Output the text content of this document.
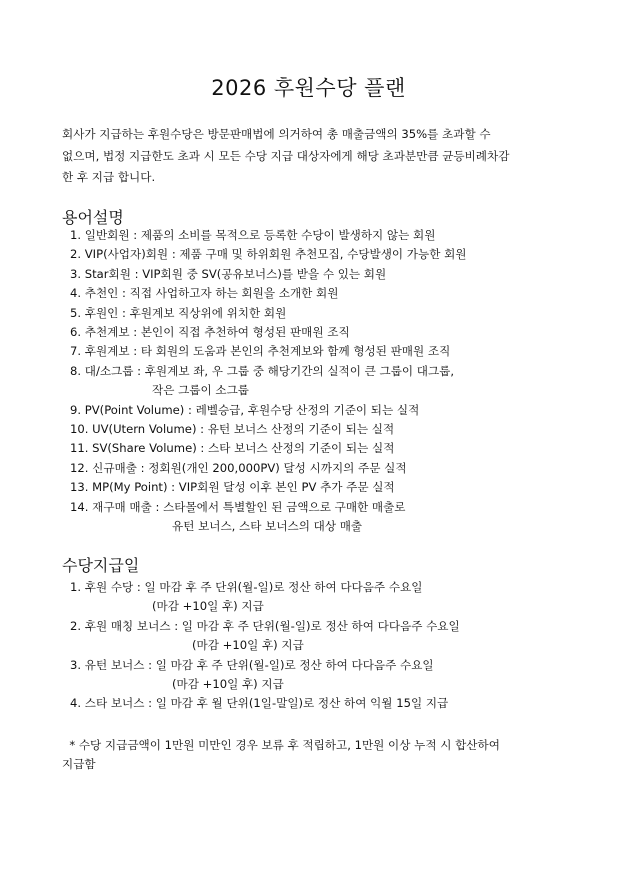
2026 후원수당 플랜
회사가 지급하는 후원수당은 방문판매법에 의거하여 총 매출금액의 35%를 초과할 수
없으며, 법정 지급한도 초과 시 모든 수당 지급 대상자에게 해당 초과분만큼 균등비례차감
한 후 지급 합니다.
용어설명
1. 일반회원 : 제품의 소비를 목적으로 등록한 수당이 발생하지 않는 회원
2. VIP(사업자)회원 : 제품 구매 및 하위회원 추천모집, 수당발생이 가능한 회원
3. Star회원 : VIP회원 중 SV(공유보너스)를 받을 수 있는 회원
4. 추천인 : 직접 사업하고자 하는 회원을 소개한 회원
5. 후원인 : 후원계보 직상위에 위치한 회원
6. 추천계보 : 본인이 직접 추천하여 형성된 판매원 조직
7. 후원계보 : 타 회원의 도움과 본인의 추천계보와 함께 형성된 판매원 조직
8. 대/소그룹 : 후원계보 좌, 우 그룹 중 해당기간의 실적이 큰 그룹이 대그룹,
작은 그룹이 소그룹
9. PV(Point Volume) : 레벨승급, 후원수당 산정의 기준이 되는 실적
10. UV(Utern Volume) : 유턴 보너스 산정의 기준이 되는 실적
11. SV(Share Volume) : 스타 보너스 산정의 기준이 되는 실적
12. 신규매출 : 정회원(개인 200,000PV) 달성 시까지의 주문 실적
13. MP(My Point) : VIP회원 달성 이후 본인 PV 추가 주문 실적
14. 재구매 매출 : 스타몰에서 특별할인 된 금액으로 구매한 매출로
유턴 보너스, 스타 보너스의 대상 매출
수당지급일
1. 후원 수당 : 일 마감 후 주 단위(월-일)로 정산 하여 다다음주 수요일
(마감 +10일 후) 지급
2. 후원 매칭 보너스 : 일 마감 후 주 단위(월-일)로 정산 하여 다다음주 수요일
(마감 +10일 후) 지급
3. 유턴 보너스 : 일 마감 후 주 단위(월-일)로 정산 하여 다다음주 수요일
(마감 +10일 후) 지급
4. 스타 보너스 : 일 마감 후 월 단위(1일-말일)로 정산 하여 익월 15일 지급
* 수당 지급금액이 1만원 미만인 경우 보류 후 적립하고, 1만원 이상 누적 시 합산하여
지급함
